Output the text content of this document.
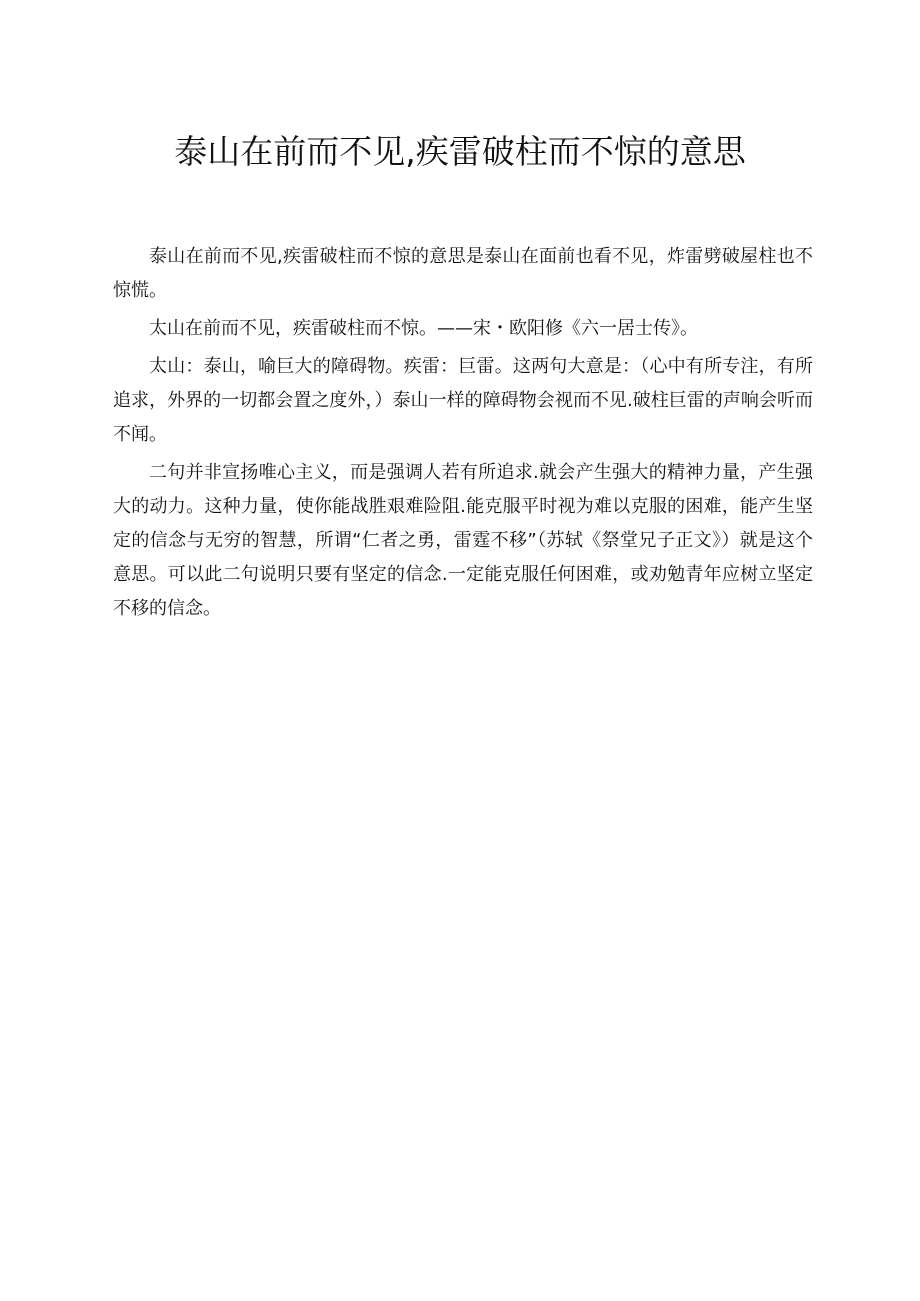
泰山在前而不见,疾雷破柱而不惊的意思

泰山在前而不见,疾雷破柱而不惊的意思是泰山在面前也看不见，炸雷劈破屋柱也不惊慌。

太山在前而不见，疾雷破柱而不惊。——宋・欧阳修《六一居士传》。

太山：泰山，喻巨大的障碍物。疾雷：巨雷。这两句大意是：（心中有所专注，有所追求，外界的一切都会置之度外，）泰山一样的障碍物会视而不见.破柱巨雷的声响会听而不闻。

二句并非宣扬唯心主义，而是强调人若有所追求.就会产生强大的精神力量，产生强大的动力。这种力量，使你能战胜艰难险阻.能克服平时视为难以克服的困难，能产生坚定的信念与无穷的智慧，所谓“仁者之勇，雷霆不移”（苏轼《祭堂兄子正文》）就是这个意思。可以此二句说明只要有坚定的信念.一定能克服任何困难，或劝勉青年应树立坚定不移的信念。
